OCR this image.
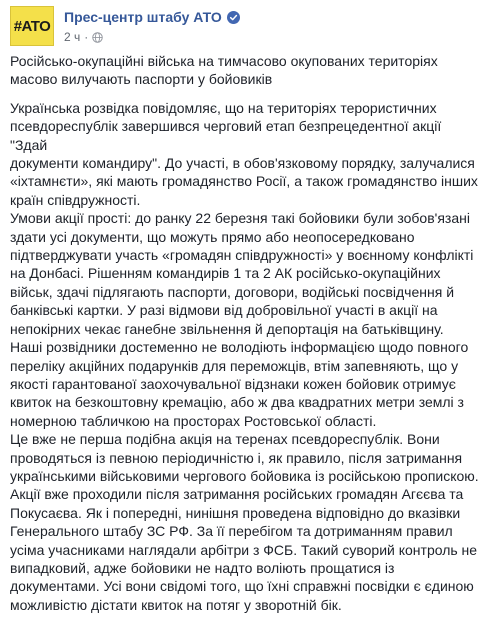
#ATO
Прес-центр штабу АТО
2 ч ·

Російсько-окупаційні війська на тимчасово окупованих територіях
масово вилучають паспорти у бойовиків

Українська розвідка повідомляє, що на територіях терористичних
псевдореспублік завершився черговий етап безпрецедентної акції "Здай
документи командиру". До участі, в обов'язковому порядку, залучалися
«іхтамнєти», які мають громадянство Росії, а також громадянство інших
країн співдружності.

Умови акції прості: до ранку 22 березня такі бойовики були зобов'язані
здати усі документи, що можуть прямо або неопосередковано
підтверджувати участь «громадян співдружності» у воєнному конфлікті
на Донбасі. Рішенням командирів 1 та 2 АК російсько-окупаційних
військ, здачі підлягають паспорти, договори, водійські посвідчення й
банківські картки. У разі відмови від добровільної участі в акції на
непокірних чекає ганебне звільнення й депортація на батьківщину.

Наші розвідники достеменно не володіють інформацією щодо повного
переліку акційних подарунків для переможців, втім запевняють, що у
якості гарантованої заохочувальної відзнаки кожен бойовик отримує
квиток на безкоштовну кремацію, або ж два квадратних метри землі з
номерною табличкою на просторах Ростовської області.

Це вже не перша подібна акція на теренах псевдореспублік. Вони
проводяться із певною періодичністю і, як правило, після затримання
українськими військовими чергового бойовика із російською пропискою.

Акції вже проходили після затримання російських громадян Агєєва та
Покусаєва. Як і попередні, нинішня проведена відповідно до вказівки
Генерального штабу ЗС РФ. За її перебігом та дотриманням правил
усіма учасниками наглядали арбітри з ФСБ. Такий суворий контроль не
випадковий, адже бойовики не надто воліють прощатися із
документами. Усі вони свідомі того, що їхні справжні посвідки є єдиною
можливістю дістати квиток на потяг у зворотній бік.
